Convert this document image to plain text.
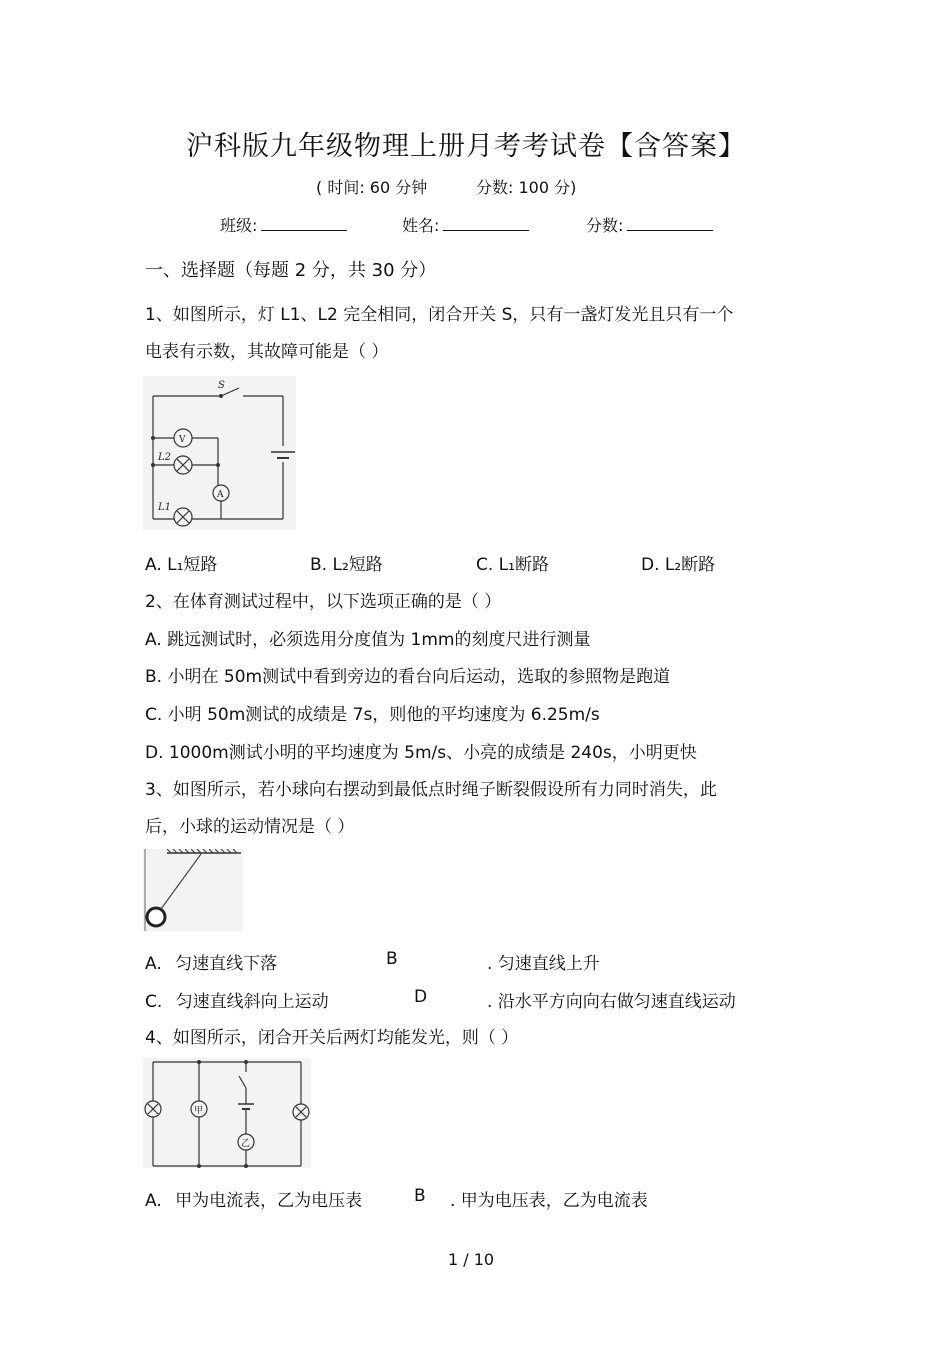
沪科版九年级物理上册月考考试卷【含答案】
( 时间: 60 分钟	分数: 100 分)
班级:	姓名:	分数:
一、选择题（每题 2 分，共 30 分）
1、如图所示，灯 L1、L2 完全相同，闭合开关 S，只有一盏灯发光且只有一个
电表有示数，其故障可能是（ ）
S
V
A
L2
L1
A. L₁短路	B. L₂短路	C. L₁断路	D. L₂断路
2、在体育测试过程中，以下选项正确的是（ ）
A. 跳远测试时，必须选用分度值为 1mm的刻度尺进行测量
B. 小明在 50m测试中看到旁边的看台向后运动，选取的参照物是跑道
C. 小明 50m测试的成绩是 7s，则他的平均速度为 6.25m/s
D. 1000m测试小明的平均速度为 5m/s、小亮的成绩是 240s，小明更快
3、如图所示，若小球向右摆动到最低点时绳子断裂假设所有力同时消失，此
后，小球的运动情况是（ ）
A. 匀速直线下落	B	. 匀速直线上升
C. 匀速直线斜向上运动	D	. 沿水平方向向右做匀速直线运动
4、如图所示，闭合开关后两灯均能发光，则（ ）
甲
乙
A. 甲为电流表，乙为电压表	B . 甲为电压表，乙为电流表
1 / 10
